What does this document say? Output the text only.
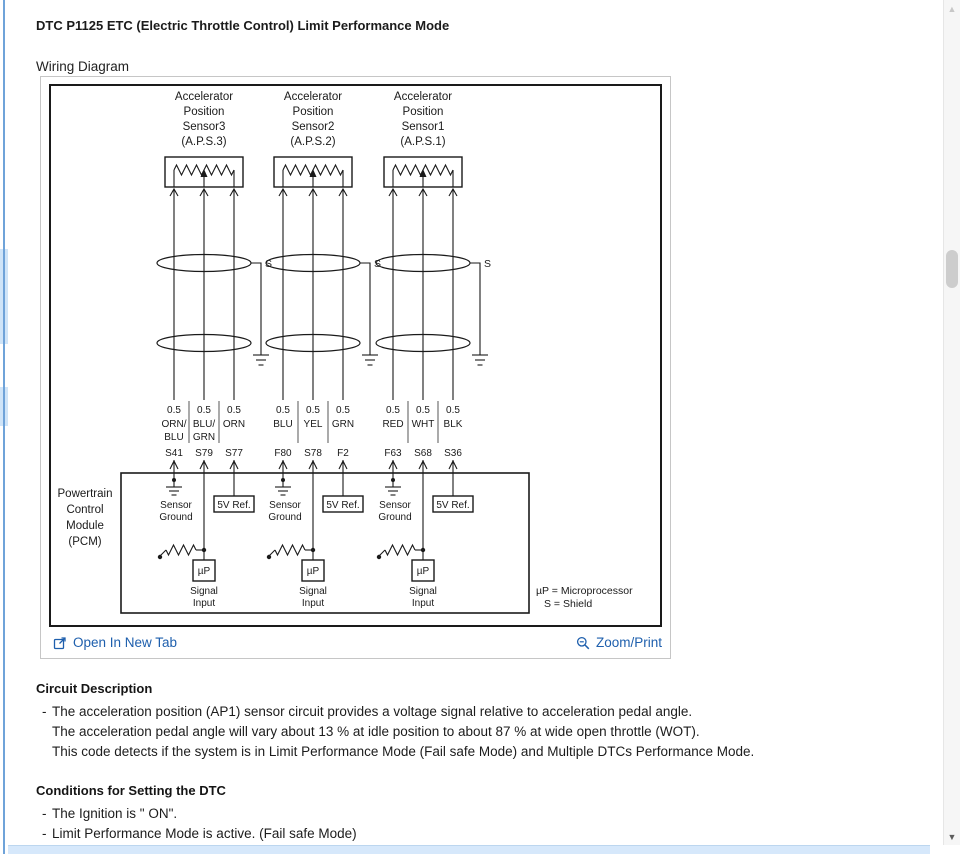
DTC P1125 ETC (Electric Throttle Control) Limit Performance Mode
Wiring Diagram
Accelerator
Position
Sensor3
(A.P.S.3)
S
0.5
ORN/
BLU
S41
0.5
BLU/
GRN
S79
0.5
ORN
S77
Accelerator
Position
Sensor2
(A.P.S.2)
S
0.5
BLU
F80
0.5
YEL
S78
0.5
GRN
F2
Accelerator
Position
Sensor1
(A.P.S.1)
S
0.5
RED
F63
0.5
WHT
S68
0.5
BLK
S36
Powertrain
Control
Module
(PCM)
Sensor
Ground
5V Ref.
µP
Signal
Input
Sensor
Ground
5V Ref.
µP
Signal
Input
Sensor
Ground
5V Ref.
µP
Signal
Input
µP = Microprocessor
S = Shield
Open In New Tab	Zoom/Print
Circuit Description
- The acceleration position (AP1) sensor circuit provides a voltage signal relative to acceleration pedal angle.
The acceleration pedal angle will vary about 13 % at idle position to about 87 % at wide open throttle (WOT).
This code detects if the system is in Limit Performance Mode (Fail safe Mode) and Multiple DTCs Performance Mode.
Conditions for Setting the DTC
- The Ignition is " ON".
- Limit Performance Mode is active. (Fail safe Mode)
▲
▼
